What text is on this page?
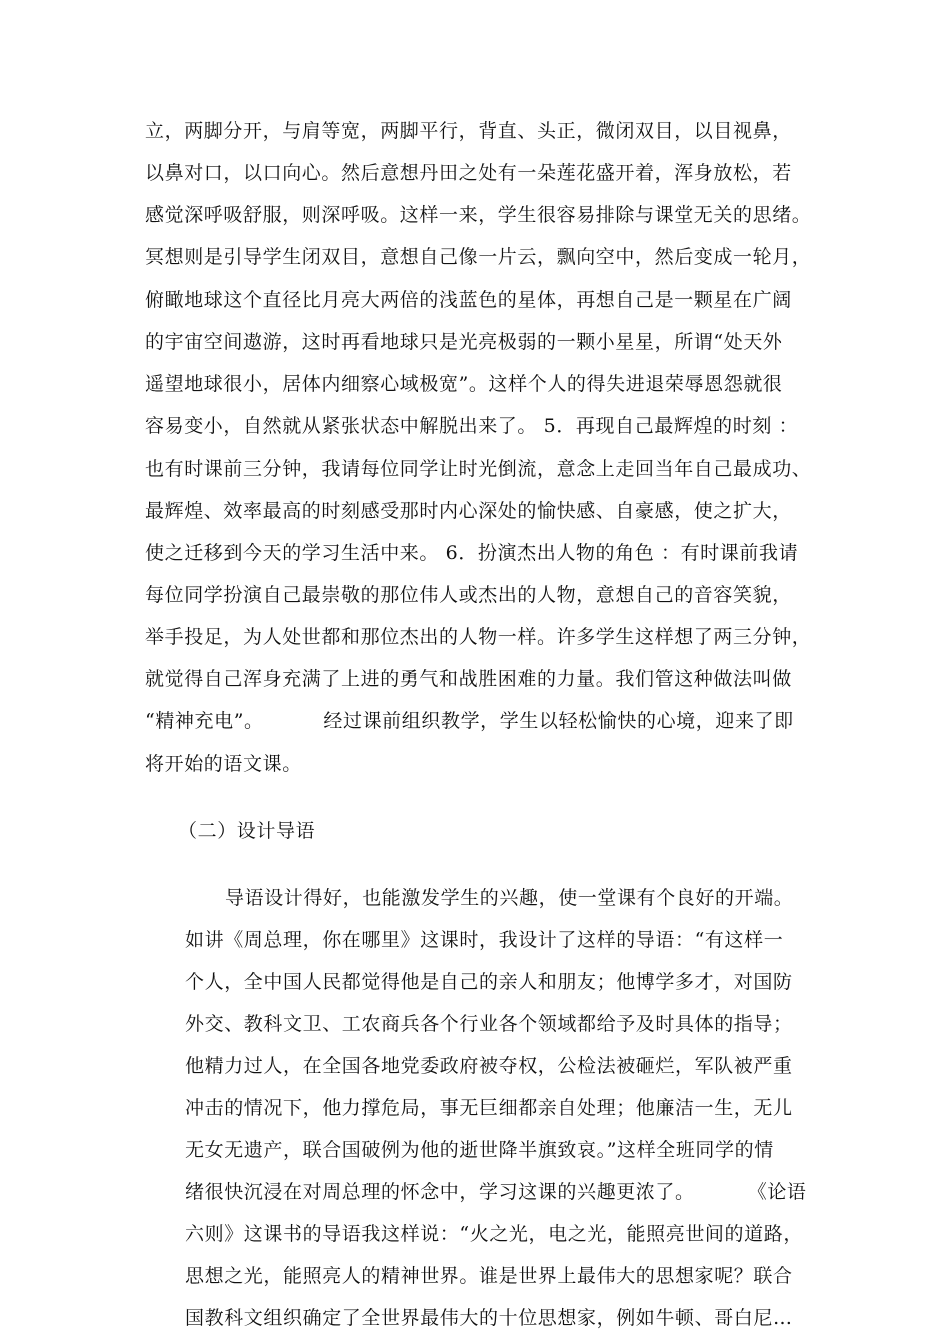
立，两脚分开，与肩等宽，两脚平行，背直、头正，微闭双目，以目视鼻，

以鼻对口，以口向心。然后意想丹田之处有一朵莲花盛开着，浑身放松，若

感觉深呼吸舒服，则深呼吸。这样一来，学生很容易排除与课堂无关的思绪。

冥想则是引导学生闭双目，意想自己像一片云，飘向空中，然后变成一轮月，

俯瞰地球这个直径比月亮大两倍的浅蓝色的星体，再想自己是一颗星在广阔

的宇宙空间遨游，这时再看地球只是光亮极弱的一颗小星星，所谓“处天外

遥望地球很小，居体内细察心域极宽”。这样个人的得失进退荣辱恩怨就很

容易变小，自然就从紧张状态中解脱出来了。 5．再现自己最辉煌的时刻 ：

也有时课前三分钟，我请每位同学让时光倒流，意念上走回当年自己最成功、

最辉煌、效率最高的时刻感受那时内心深处的愉快感、自豪感，使之扩大，

使之迁移到今天的学习生活中来。 6．扮演杰出人物的角色 ：有时课前我请

每位同学扮演自己最崇敬的那位伟人或杰出的人物，意想自己的音容笑貌，

举手投足，为人处世都和那位杰出的人物一样。许多学生这样想了两三分钟，

就觉得自己浑身充满了上进的勇气和战胜困难的力量。我们管这种做法叫做

“精神充电”。         经过课前组织教学，学生以轻松愉快的心境，迎来了即

将开始的语文课。

（二）设计导语

导语设计得好，也能激发学生的兴趣，使一堂课有个良好的开端。

如讲《周总理，你在哪里》这课时，我设计了这样的导语：“有这样一

个人，全中国人民都觉得他是自己的亲人和朋友；他博学多才，对国防

外交、教科文卫、工农商兵各个行业各个领域都给予及时具体的指导；

他精力过人，在全国各地党委政府被夺权，公检法被砸烂，军队被严重

冲击的情况下，他力撑危局，事无巨细都亲自处理；他廉洁一生，无儿

无女无遗产，联合国破例为他的逝世降半旗致哀。”这样全班同学的情

绪很快沉浸在对周总理的怀念中，学习这课的兴趣更浓了。        《论语

六则》这课书的导语我这样说：“火之光，电之光，能照亮世间的道路，

思想之光，能照亮人的精神世界。谁是世界上最伟大的思想家呢？联合

国教科文组织确定了全世界最伟大的十位思想家，例如牛顿、哥白尼…
